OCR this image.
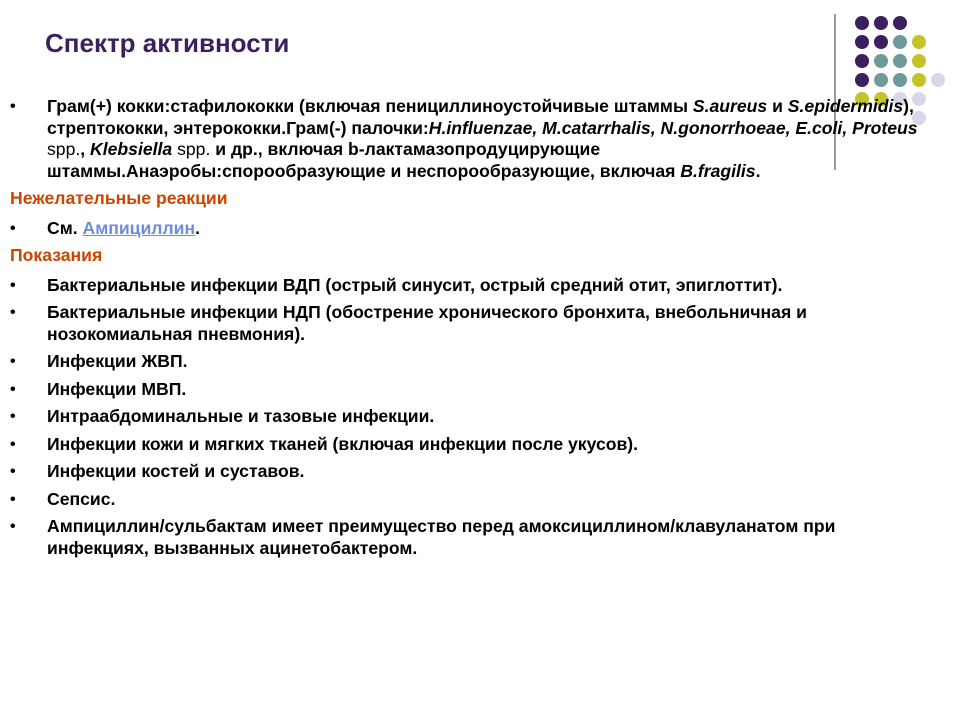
Спектр активности
• Грам(+) кокки:стафилококки (включая пенициллиноустойчивые штаммы S.aureus и S.epidermidis), стрептококки, энтерококки.Грам(-) палочки:H.influenzae, M.catarrhalis, N.gonorrhoeae, E.coli, Proteus spp., Klebsiella spp. и др., включая b-лактамазопродуцирующие штаммы.Анаэробы:спорообразующие и неспорообразующие, включая B.fragilis.
Нежелательные реакции
• См. Ампициллин.
Показания
• Бактериальные инфекции ВДП (острый синусит, острый средний отит, эпиглоттит).
• Бактериальные инфекции НДП (обострение хронического бронхита, внебольничная и нозокомиальная пневмония).
• Инфекции ЖВП.
• Инфекции МВП.
• Интраабдоминальные и тазовые инфекции.
• Инфекции кожи и мягких тканей (включая инфекции после укусов).
• Инфекции костей и суставов.
• Сепсис.
• Ампициллин/сульбактам имеет преимущество перед амоксициллином/клавуланатом при инфекциях, вызванных ацинетобактером.
